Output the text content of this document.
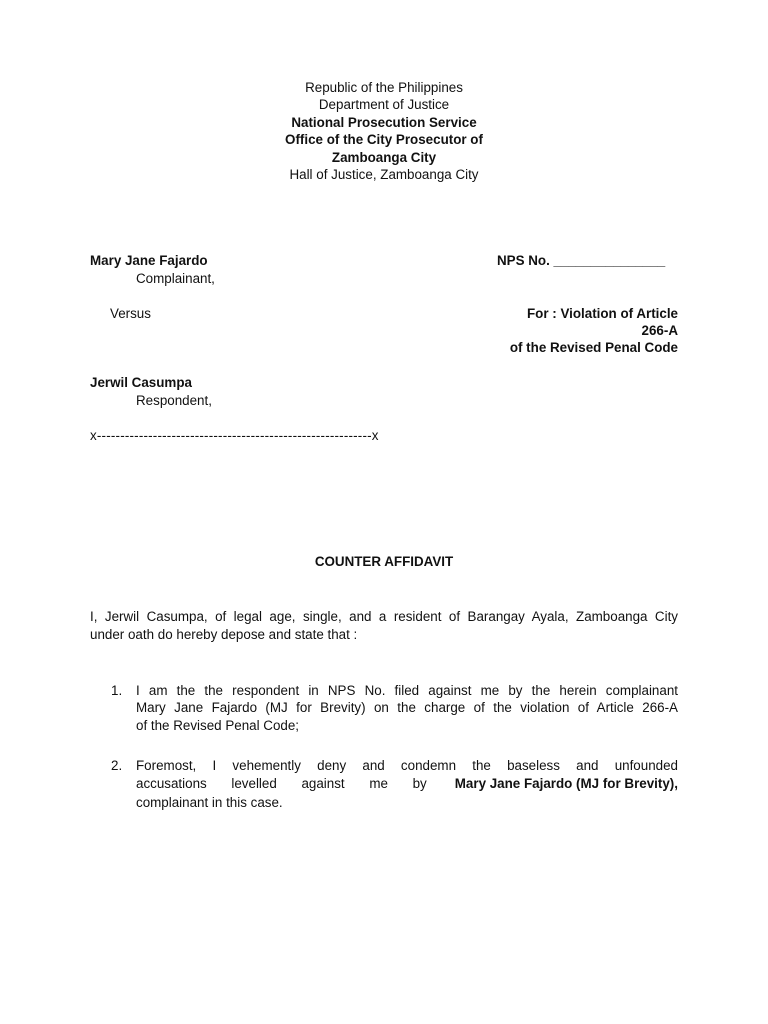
Republic of the Philippines
Department of Justice
National Prosecution Service
Office of the City Prosecutor of
Zamboanga City
Hall of Justice, Zamboanga City
Mary Jane Fajardo
Complainant,
Versus
Jerwil Casumpa
Respondent,
x-----------------------------------------------------------x
NPS No. _______________
For : Violation of Article
266-A
of the Revised Penal Code
COUNTER AFFIDAVIT
I, Jerwil Casumpa, of legal age, single, and a resident of Barangay Ayala, Zamboanga City
under oath do hereby depose and state that :
1. I am the the respondent in NPS No. filed against me by the herein complainant
Mary Jane Fajardo (MJ for Brevity) on the charge of the violation of Article 266-A
of the Revised Penal Code;
2. Foremost, I vehemently deny and condemn the baseless and unfounded
accusations levelled against me by Mary Jane Fajardo (MJ for Brevity),
complainant in this case.
